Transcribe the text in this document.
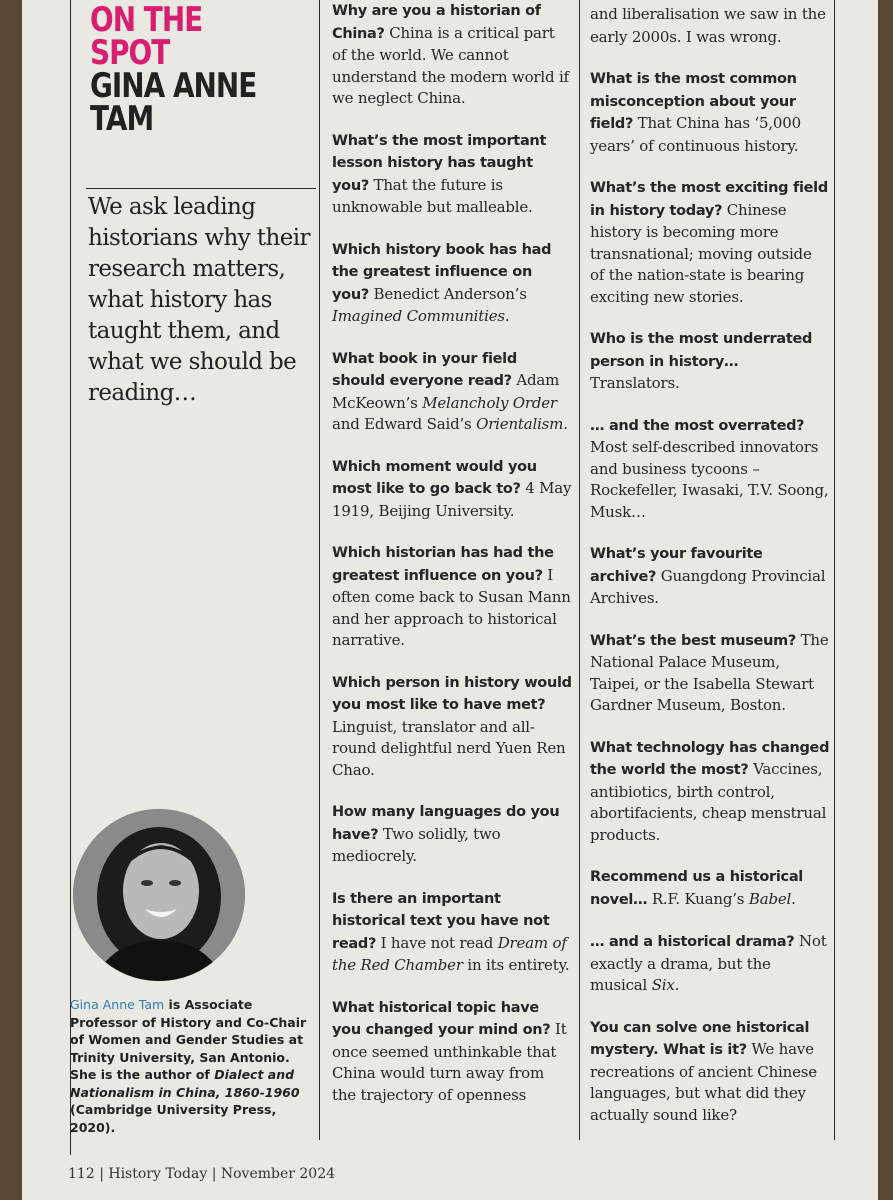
ON THE SPOT
GINA ANNE
TAM
We ask leading historians why their research matters, what history has taught them, and what we should be reading…
Gina Anne Tam is Associate Professor of History and Co-Chair of Women and Gender Studies at Trinity University, San Antonio. She is the author of Dialect and Nationalism in China, 1860-1960 (Cambridge University Press, 2020).

Why are you a historian of China? China is a critical part of the world. We cannot understand the modern world if we neglect China.

What’s the most important lesson history has taught you? That the future is unknowable but malleable.

Which history book has had the greatest influence on you? Benedict Anderson’s Imagined Communities.

What book in your field should everyone read? Adam McKeown’s Melancholy Order and Edward Said’s Orientalism.

Which moment would you most like to go back to? 4 May 1919, Beijing University.

Which historian has had the greatest influence on you? I often come back to Susan Mann and her approach to historical narrative.

Which person in history would you most like to have met? Linguist, translator and all-round delightful nerd Yuen Ren Chao.

How many languages do you have? Two solidly, two mediocrely.

Is there an important historical text you have not read? I have not read Dream of the Red Chamber in its entirety.

What historical topic have you changed your mind on? It once seemed unthinkable that China would turn away from the trajectory of openness

and liberalisation we saw in the early 2000s. I was wrong.

What is the most common misconception about your field? That China has ‘5,000 years’ of continuous history.

What’s the most exciting field in history today? Chinese history is becoming more transnational; moving outside of the nation-state is bearing exciting new stories.

Who is the most underrated person in history… Translators.

… and the most overrated? Most self-described innovators and business tycoons – Rockefeller, Iwasaki, T.V. Soong, Musk…

What’s your favourite archive? Guangdong Provincial Archives.

What’s the best museum? The National Palace Museum, Taipei, or the Isabella Stewart Gardner Museum, Boston.

What technology has changed the world the most? Vaccines, antibiotics, birth control, abortifacients, cheap menstrual products.

Recommend us a historical novel… R.F. Kuang’s Babel.

… and a historical drama? Not exactly a drama, but the musical Six.

You can solve one historical mystery. What is it? We have recreations of ancient Chinese languages, but what did they actually sound like?

112 | History Today | November 2024
